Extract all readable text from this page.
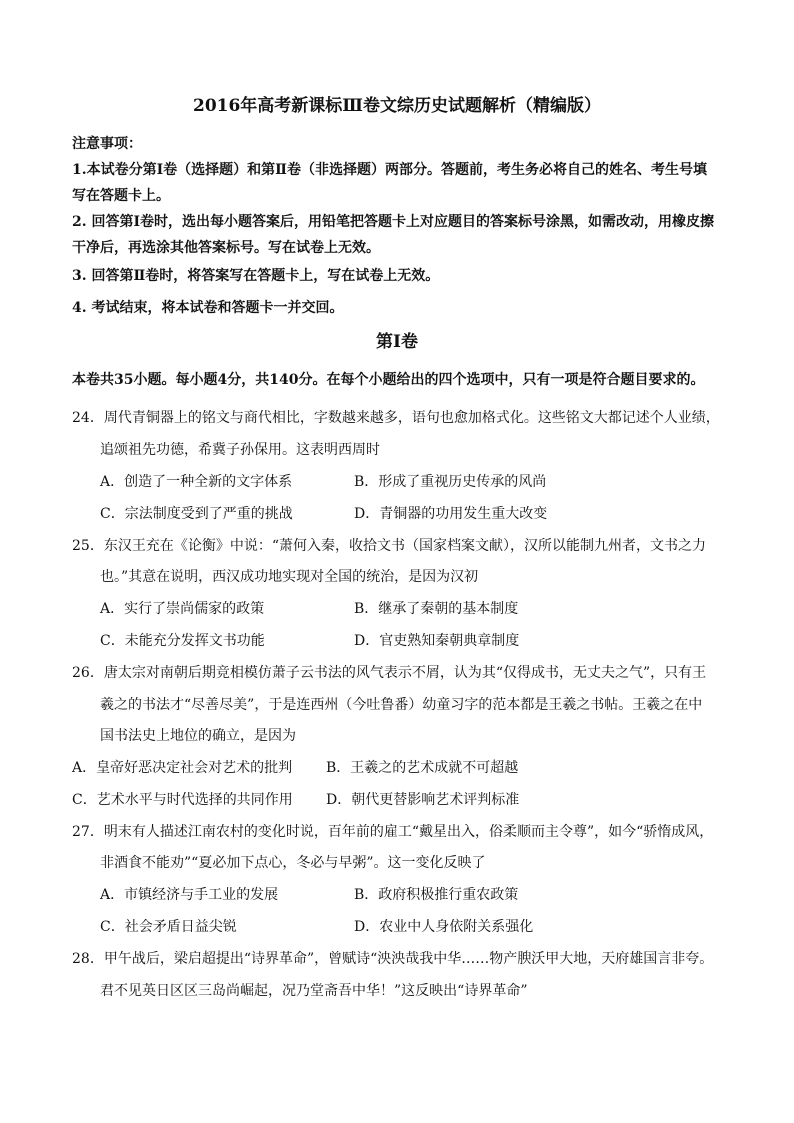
2016年高考新课标Ⅲ卷文综历史试题解析（精编版）
注意事项：
1.本试卷分第Ⅰ卷（选择题）和第Ⅱ卷（非选择题）两部分。答题前，考生务必将自己的姓名、考生号填
写在答题卡上。
2. 回答第Ⅰ卷时，选出每小题答案后，用铅笔把答题卡上对应题目的答案标号涂黑，如需改动，用橡皮擦
干净后，再选涂其他答案标号。写在试卷上无效。
3. 回答第Ⅱ卷时，将答案写在答题卡上，写在试卷上无效。
4. 考试结束，将本试卷和答题卡一并交回。
第Ⅰ卷
本卷共35小题。每小题4分，共140分。在每个小题给出的四个选项中，只有一项是符合题目要求的。
24．周代青铜器上的铭文与商代相比，字数越来越多，语句也愈加格式化。这些铭文大都记述个人业绩，
追颂祖先功德，希冀子孙保用。这表明西周时
A．创造了一种全新的文字体系	B．形成了重视历史传承的风尚
C．宗法制度受到了严重的挑战	D．青铜器的功用发生重大改变
25．东汉王充在《论衡》中说：“萧何入秦，收拾文书（国家档案文献），汉所以能制九州者，文书之力
也。”其意在说明，西汉成功地实现对全国的统治，是因为汉初
A．实行了崇尚儒家的政策	B．继承了秦朝的基本制度
C．未能充分发挥文书功能	D．官吏熟知秦朝典章制度
26．唐太宗对南朝后期竞相模仿萧子云书法的风气表示不屑，认为其“仅得成书，无丈夫之气”，只有王
羲之的书法才“尽善尽美”，于是连西州（今吐鲁番）幼童习字的范本都是王羲之书帖。王羲之在中
国书法史上地位的确立，是因为
A．皇帝好恶决定社会对艺术的批判 B．王羲之的艺术成就不可超越
C．艺术水平与时代选择的共同作用 D．朝代更替影响艺术评判标准
27．明末有人描述江南农村的变化时说，百年前的雇工“戴星出入，俗柔顺而主令尊”，如今“骄惰成风，
非酒食不能劝”“夏必加下点心，冬必与早粥”。这一变化反映了
A．市镇经济与手工业的发展	B．政府积极推行重农政策
C．社会矛盾日益尖锐	D．农业中人身依附关系强化
28．甲午战后，梁启超提出“诗界革命”，曾赋诗“泱泱哉我中华……物产腴沃甲大地，天府雄国言非夸。
君不见英日区区三岛尚崛起，况乃堂斋吾中华！”这反映出“诗界革命”
